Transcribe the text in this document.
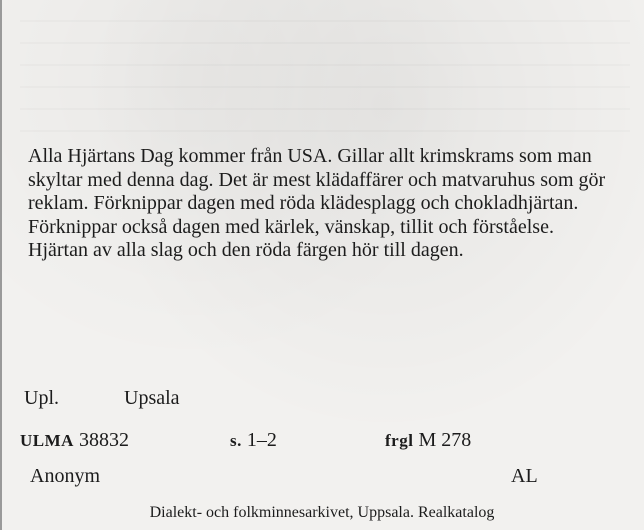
Alla Hjärtans Dag kommer från USA. Gillar allt krimskrams som man skyltar med denna dag. Det är mest klädaffärer och matvaruhus som gör reklam. Förknippar dagen med röda klädesplagg och chokladhjärtan. Förknippar också dagen med kärlek, vänskap, tillit och förståelse. Hjärtan av alla slag och den röda färgen hör till dagen.

Upl.	Upsala
ULMA 38832	s. 1–2	frgl M 278
Anonym	AL
Dialekt- och folkminnesarkivet, Uppsala. Realkatalog
